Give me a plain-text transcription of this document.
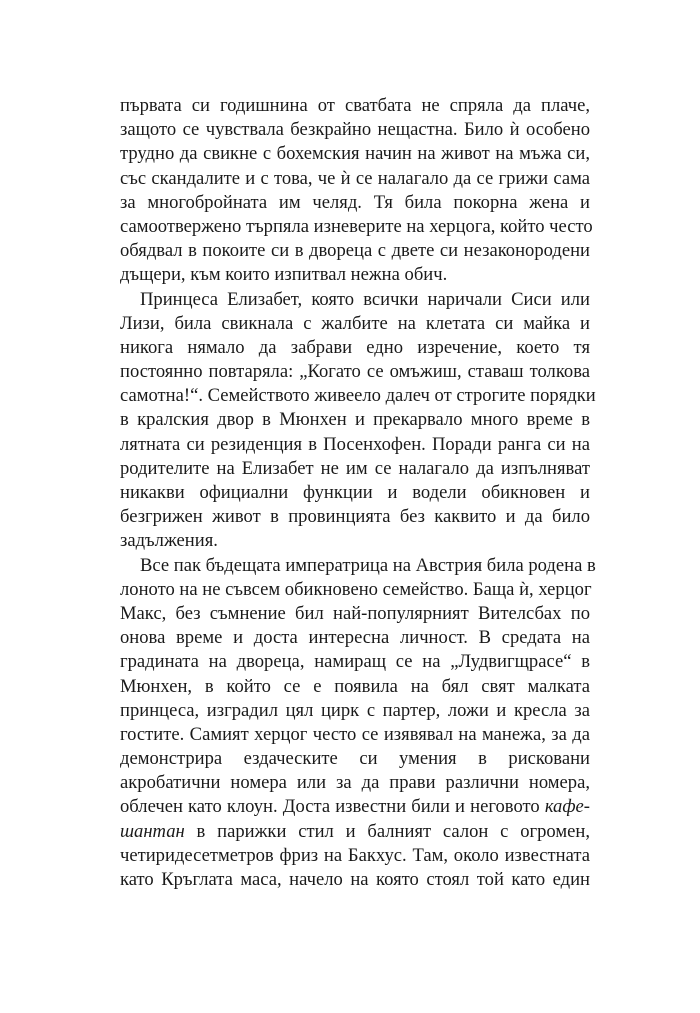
първата си годишнина от сватбата не спряла да плаче,
защото се чувствала безкрайно нещастна. Било ѝ особено
трудно да свикне с бохемския начин на живот на мъжа си,
със скандалите и с това, че ѝ се налагало да се грижи сама
за многобройната им челяд. Тя била покорна жена и
самоотвержено търпяла изневерите на херцога, който често
обядвал в покоите си в двореца с двете си незаконородени
дъщери, към които изпитвал нежна обич.
Принцеса Елизабет, която всички наричали Сиси или
Лизи, била свикнала с жалбите на клетата си майка и
никога нямало да забрави едно изречение, което тя
постоянно повтаряла: „Когато се омъжиш, ставаш толкова
самотна!“. Семейството живеело далеч от строгите порядки
в кралския двор в Мюнхен и прекарвало много време в
лятната си резиденция в Посенхофен. Поради ранга си на
родителите на Елизабет не им се налагало да изпълняват
никакви официални функции и водели обикновен и
безгрижен живот в провинцията без каквито и да било
задължения.
Все пак бъдещата императрица на Австрия била родена в
лоното на не съвсем обикновено семейство. Баща ѝ, херцог
Макс, без съмнение бил най-популярният Вителсбах по
онова време и доста интересна личност. В средата на
градината на двореца, намиращ се на „Лудвигщрасе“ в
Мюнхен, в който се е появила на бял свят малката
принцеса, изградил цял цирк с партер, ложи и кресла за
гостите. Самият херцог често се изявявал на манежа, за да
демонстрира ездаческите си умения в рисковани
акробатични номера или за да прави различни номера,
облечен като клоун. Доста известни били и неговото кафе-
шантан в парижки стил и балният салон с огромен,
четиридесетметров фриз на Бакхус. Там, около известната
като Кръглата маса, начело на която стоял той като един
